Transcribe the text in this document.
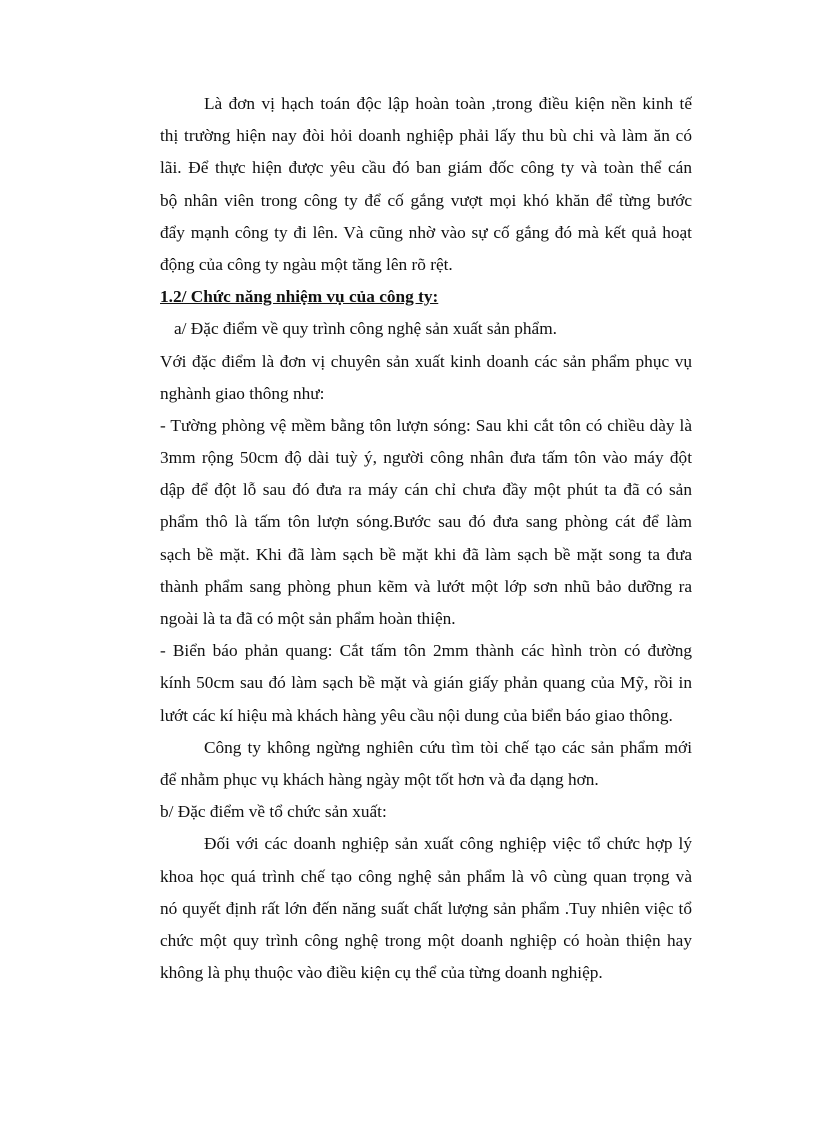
Là đơn vị hạch toán độc lập hoàn toàn ,trong điều kiện nền kinh tế
thị trường hiện nay đòi hỏi doanh nghiệp phải lấy thu bù chi và làm ăn có
lãi. Để thực hiện được yêu cầu đó ban giám đốc công ty và toàn thể cán
bộ nhân viên trong công ty để cố gắng vượt mọi khó khăn để từng bước
đẩy mạnh công ty đi lên. Và cũng nhờ vào sự cố gắng đó mà kết quả hoạt
động của công ty ngàu một tăng lên rõ rệt.
1.2/ Chức năng nhiệm vụ của công ty:
a/ Đặc điểm về quy trình công nghệ sản xuất sản phẩm.
Với đặc điểm là đơn vị chuyên sản xuất kinh doanh các sản phẩm phục vụ
nghành giao thông như:
- Tường phòng vệ mềm bằng tôn lượn sóng: Sau khi cắt tôn có chiều dày là
3mm rộng 50cm độ dài tuỳ ý, người công nhân đưa tấm tôn vào máy đột
dập để đột lỗ sau đó đưa ra máy cán chỉ chưa đầy một phút ta đã có sản
phẩm thô là tấm tôn lượn sóng.Bước sau đó đưa sang phòng cát để làm
sạch bề mặt. Khi đã làm sạch bề mặt khi đã làm sạch bề mặt song ta đưa
thành phẩm sang phòng phun kẽm và lướt một lớp sơn nhũ bảo dưỡng ra
ngoài là ta đã có một sản phẩm hoàn thiện.
- Biển báo phản quang: Cắt tấm tôn 2mm thành các hình tròn có đường
kính 50cm sau đó làm sạch bề mặt và gián giấy phản quang của Mỹ, rồi in
lướt các kí hiệu mà khách hàng yêu cầu nội dung của biển báo giao thông.
Công ty không ngừng nghiên cứu tìm tòi chế tạo các sản phẩm mới
để nhằm phục vụ khách hàng ngày một tốt hơn và đa dạng hơn.
b/ Đặc điểm về tổ chức sản xuất:
Đối với các doanh nghiệp sản xuất công nghiệp việc tổ chức hợp lý
khoa học quá trình chế tạo công nghệ sản phẩm là vô cùng quan trọng và
nó quyết định rất lớn đến năng suất chất lượng sản phẩm .Tuy nhiên việc tổ
chức một quy trình công nghệ trong một doanh nghiệp có hoàn thiện hay
không là phụ thuộc vào điều kiện cụ thể của từng doanh nghiệp.
